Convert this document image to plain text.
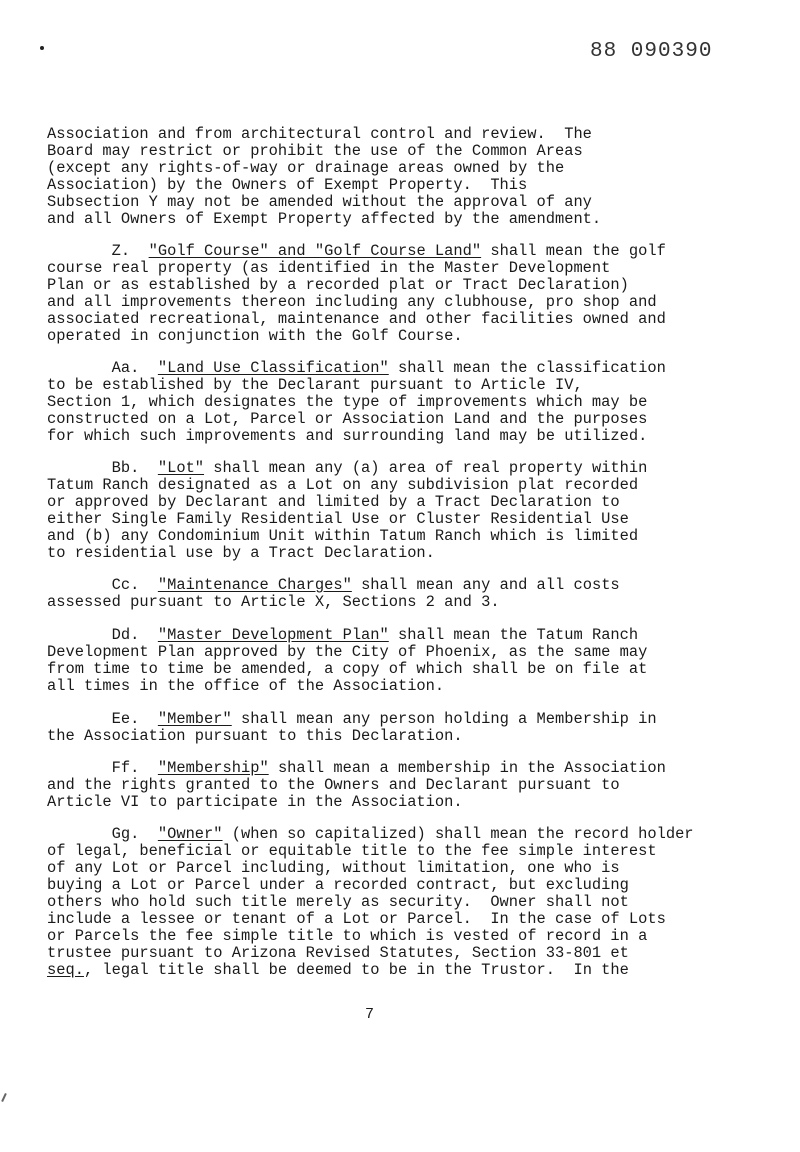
88 090390
Association and from architectural control and review.  The
Board may restrict or prohibit the use of the Common Areas
(except any rights-of-way or drainage areas owned by the
Association) by the Owners of Exempt Property.  This
Subsection Y may not be amended without the approval of any
and all Owners of Exempt Property affected by the amendment.
Z. "Golf Course" and "Golf Course Land" shall mean the golf
course real property (as identified in the Master Development
Plan or as established by a recorded plat or Tract Declaration)
and all improvements thereon including any clubhouse, pro shop and
associated recreational, maintenance and other facilities owned and
operated in conjunction with the Golf Course.
Aa. "Land Use Classification" shall mean the classification
to be established by the Declarant pursuant to Article IV,
Section 1, which designates the type of improvements which may be
constructed on a Lot, Parcel or Association Land and the purposes
for which such improvements and surrounding land may be utilized.
Bb. "Lot" shall mean any (a) area of real property within
Tatum Ranch designated as a Lot on any subdivision plat recorded
or approved by Declarant and limited by a Tract Declaration to
either Single Family Residential Use or Cluster Residential Use
and (b) any Condominium Unit within Tatum Ranch which is limited
to residential use by a Tract Declaration.
Cc. "Maintenance Charges" shall mean any and all costs
assessed pursuant to Article X, Sections 2 and 3.
Dd. "Master Development Plan" shall mean the Tatum Ranch
Development Plan approved by the City of Phoenix, as the same may
from time to time be amended, a copy of which shall be on file at
all times in the office of the Association.
Ee. "Member" shall mean any person holding a Membership in
the Association pursuant to this Declaration.
Ff. "Membership" shall mean a membership in the Association
and the rights granted to the Owners and Declarant pursuant to
Article VI to participate in the Association.
Gg. "Owner" (when so capitalized) shall mean the record holder
of legal, beneficial or equitable title to the fee simple interest
of any Lot or Parcel including, without limitation, one who is
buying a Lot or Parcel under a recorded contract, but excluding
others who hold such title merely as security.  Owner shall not
include a lessee or tenant of a Lot or Parcel.  In the case of Lots
or Parcels the fee simple title to which is vested of record in a
trustee pursuant to Arizona Revised Statutes, Section 33-801 et
seq., legal title shall be deemed to be in the Trustor.  In the
7
